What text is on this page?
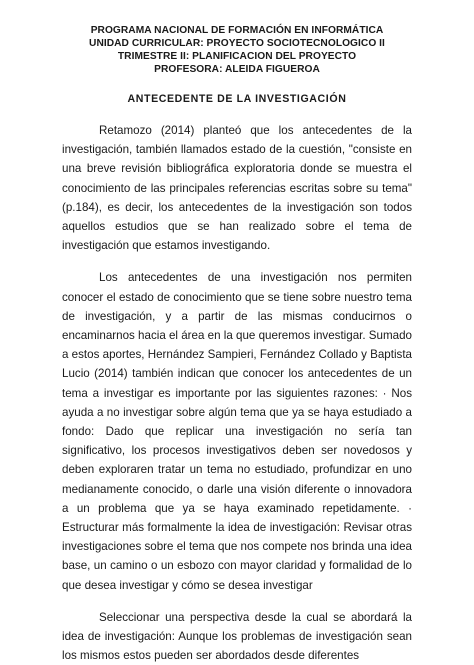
PROGRAMA NACIONAL DE FORMACIÓN EN INFORMÁTICA
UNIDAD CURRICULAR: PROYECTO SOCIOTECNOLOGICO II
TRIMESTRE II: PLANIFICACION DEL PROYECTO
PROFESORA: ALEIDA FIGUEROA
ANTECEDENTE DE LA INVESTIGACIÓN

Retamozo (2014) planteó que los antecedentes de la investigación, también llamados estado de la cuestión, "consiste en una breve revisión bibliográfica exploratoria donde se muestra el conocimiento de las principales referencias escritas sobre su tema" (p.184), es decir, los antecedentes de la investigación son todos aquellos estudios que se han realizado sobre el tema de investigación que estamos investigando.

Los antecedentes de una investigación nos permiten conocer el estado de conocimiento que se tiene sobre nuestro tema de investigación, y a partir de las mismas conducirnos o encaminarnos hacia el área en la que queremos investigar. Sumado a estos aportes, Hernández Sampieri, Fernández Collado y Baptista Lucio (2014) también indican que conocer los antecedentes de un tema a investigar es importante por las siguientes razones: · Nos ayuda a no investigar sobre algún tema que ya se haya estudiado a fondo: Dado que replicar una investigación no sería tan significativo, los procesos investigativos deben ser novedosos y deben exploraren tratar un tema no estudiado, profundizar en uno medianamente conocido, o darle una visión diferente o innovadora a un problema que ya se haya examinado repetidamente. · Estructurar más formalmente la idea de investigación: Revisar otras investigaciones sobre el tema que nos compete nos brinda una idea base, un camino o un esbozo con mayor claridad y formalidad de lo que desea investigar y cómo se desea investigar

Seleccionar una perspectiva desde la cual se abordará la idea de investigación: Aunque los problemas de investigación sean los mismos estos pueden ser abordados desde diferentes
